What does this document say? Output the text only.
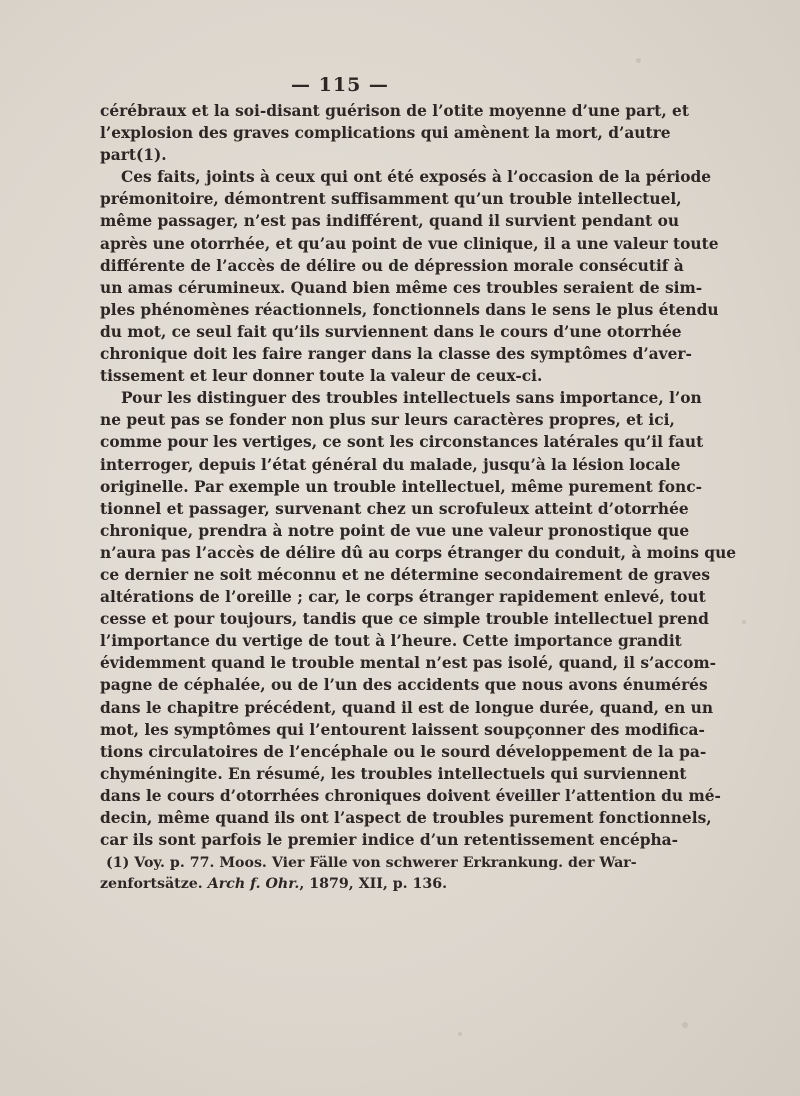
— 115 —
cérébraux et la soi-disant guérison de l’otite moyenne d’une part, et
l’explosion des graves complications qui amènent la mort, d’autre
part(1).
Ces faits, joints à ceux qui ont été exposés à l’occasion de la période
prémonitoire, démontrent suffisamment qu’un trouble intellectuel,
même passager, n’est pas indifférent, quand il survient pendant ou
après une otorrhée, et qu’au point de vue clinique, il a une valeur toute
différente de l’accès de délire ou de dépression morale consécutif à
un amas cérumineux. Quand bien même ces troubles seraient de sim-
ples phénomènes réactionnels, fonctionnels dans le sens le plus étendu
du mot, ce seul fait qu’ils surviennent dans le cours d’une otorrhée
chronique doit les faire ranger dans la classe des symptômes d’aver-
tissement et leur donner toute la valeur de ceux-ci.
Pour les distinguer des troubles intellectuels sans importance, l’on
ne peut pas se fonder non plus sur leurs caractères propres, et ici,
comme pour les vertiges, ce sont les circonstances latérales qu’il faut
interroger, depuis l’état général du malade, jusqu’à la lésion locale
originelle. Par exemple un trouble intellectuel, même purement fonc-
tionnel et passager, survenant chez un scrofuleux atteint d’otorrhée
chronique, prendra à notre point de vue une valeur pronostique que
n’aura pas l’accès de délire dû au corps étranger du conduit, à moins que
ce dernier ne soit méconnu et ne détermine secondairement de graves
altérations de l’oreille ; car, le corps étranger rapidement enlevé, tout
cesse et pour toujours, tandis que ce simple trouble intellectuel prend
l’importance du vertige de tout à l’heure. Cette importance grandit
évidemment quand le trouble mental n’est pas isolé, quand, il s’accom-
pagne de céphalée, ou de l’un des accidents que nous avons énumérés
dans le chapitre précédent, quand il est de longue durée, quand, en un
mot, les symptômes qui l’entourent laissent soupçonner des modifica-
tions circulatoires de l’encéphale ou le sourd développement de la pa-
chyméningite. En résumé, les troubles intellectuels qui surviennent
dans le cours d’otorrhées chroniques doivent éveiller l’attention du mé-
decin, même quand ils ont l’aspect de troubles purement fonctionnels,
car ils sont parfois le premier indice d’un retentissement encépha-
(1) Voy. p. 77. Moos. Vier Fälle von schwerer Erkrankung. der War-
zenfortsätze. Arch f. Ohr., 1879, XII, p. 136.
